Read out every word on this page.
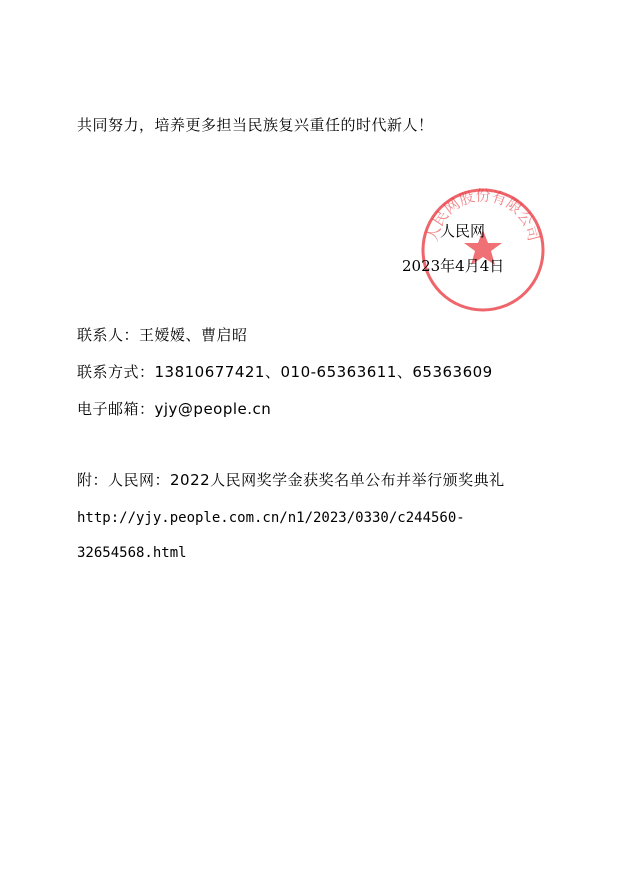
共同努力，培养更多担当民族复兴重任的时代新人！
人民网股份有限公司
人民网
2023年4月4日
联系人：王嫒嫒、曹启昭
联系方式：13810677421、010-65363611、65363609
电子邮箱：yjy@people.cn
附：人民网：2022人民网奖学金获奖名单公布并举行颁奖典礼
http://yjy.people.com.cn/n1/2023/0330/c244560-
32654568.html
